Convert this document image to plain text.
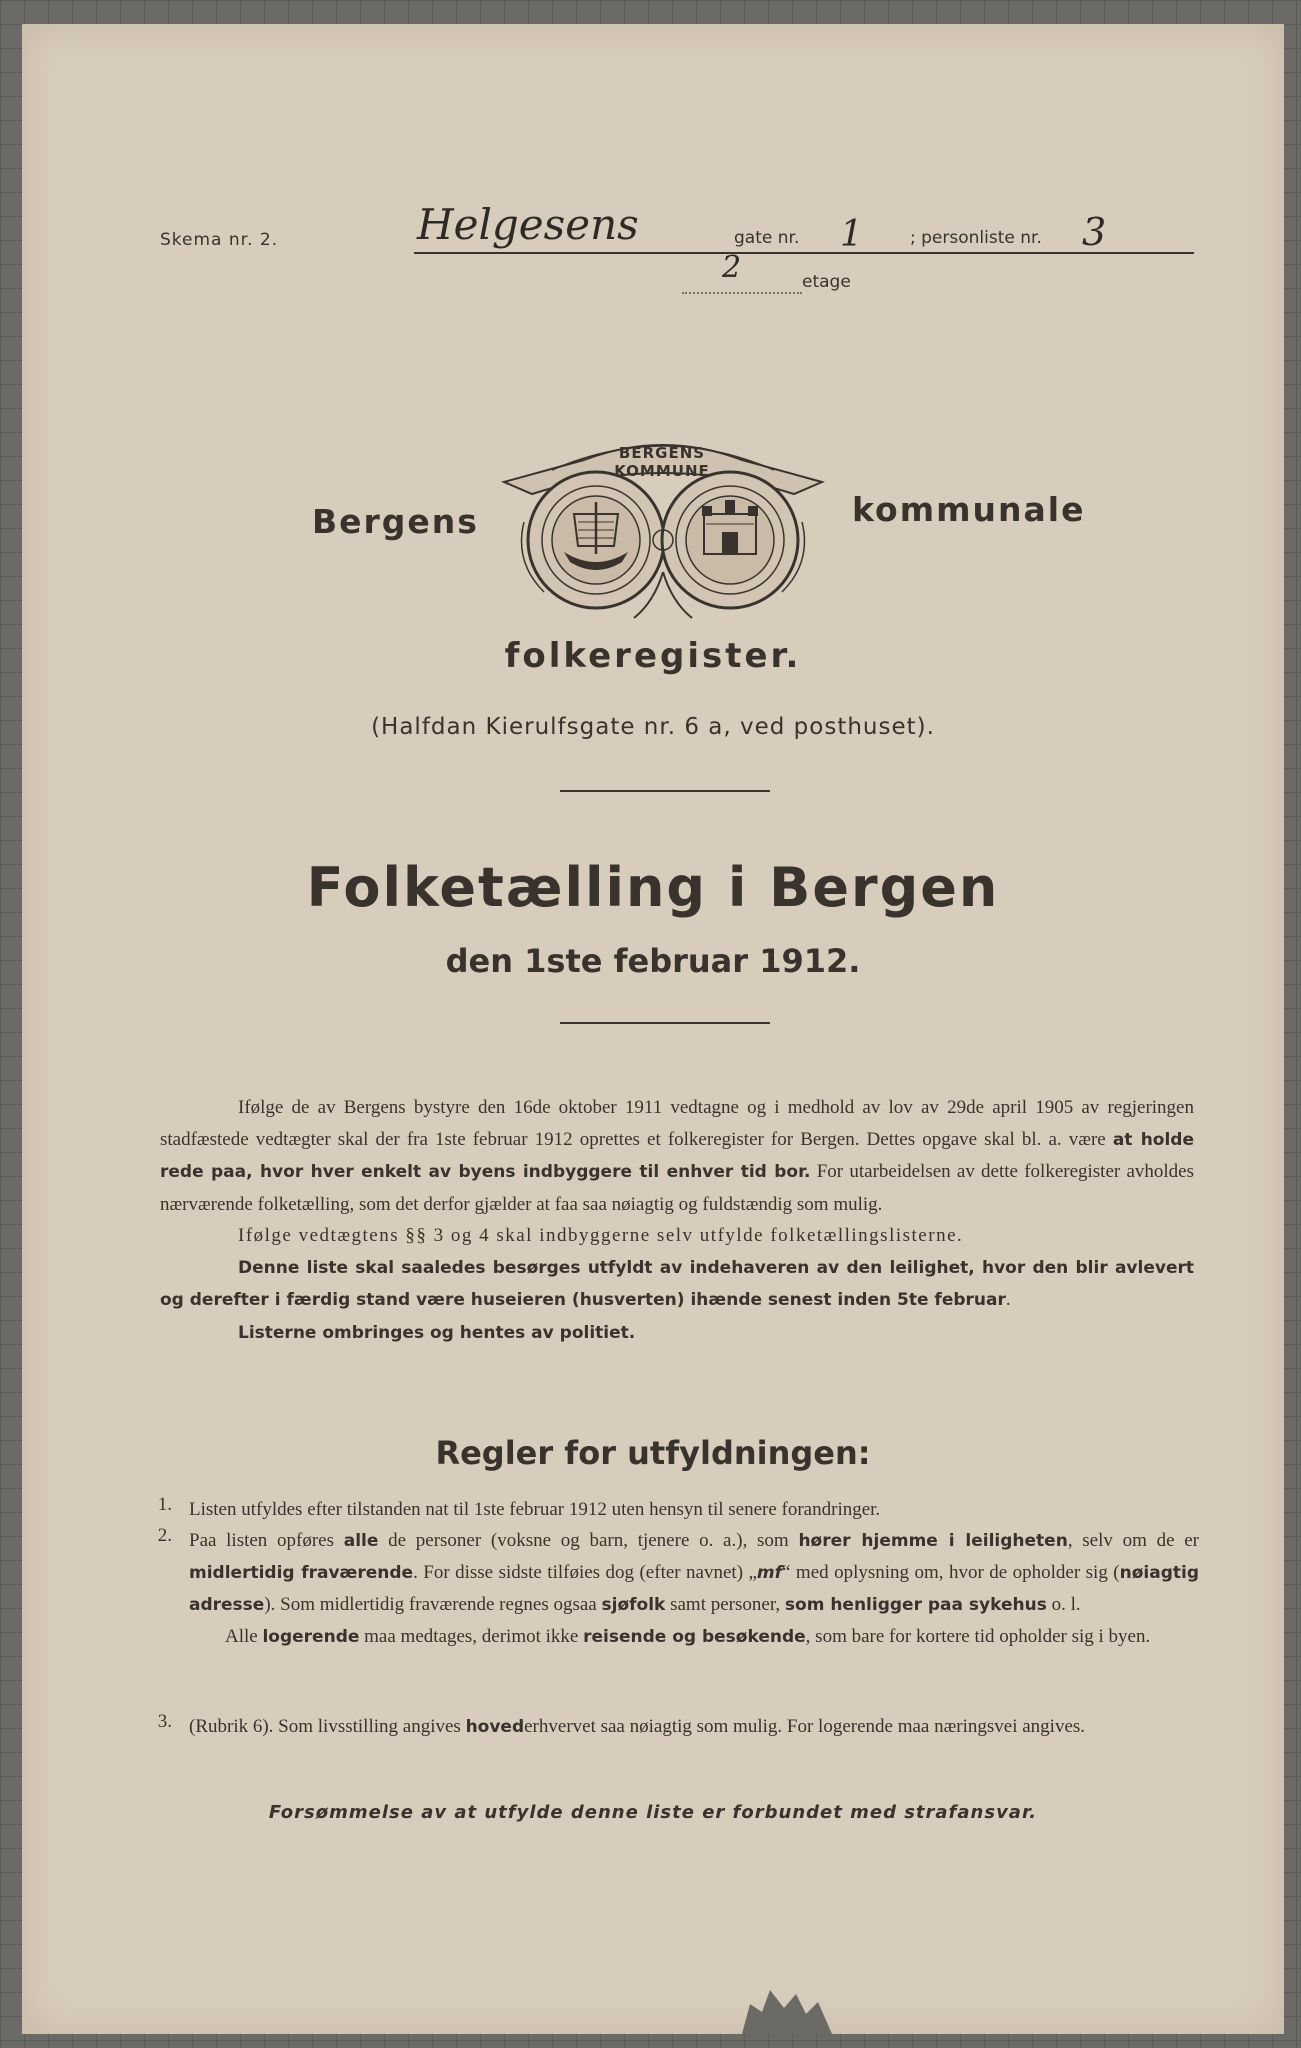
Skema nr. 2.	Helgesens	gate nr. 1	; personliste nr. 3
2	etage
Bergens	kommunale
BERGENS KOMMUNE
folkeregister.
(Halfdan Kierulfsgate nr. 6 a, ved posthuset).
Folketælling i Bergen
den 1ste februar 1912.

Ifølge de av Bergens bystyre den 16de oktober 1911 vedtagne og i medhold av lov av 29de april 1905 av regjeringen stadfæstede vedtægter skal der fra 1ste februar 1912 oprettes et folkeregister for Bergen. Dettes opgave skal bl. a. være at holde rede paa, hvor hver enkelt av byens indbyggere til enhver tid bor. For utarbeidelsen av dette folkeregister avholdes nærværende folketælling, som det derfor gjælder at faa saa nøiagtig og fuldstændig som mulig.

Ifølge vedtægtens §§ 3 og 4 skal indbyggerne selv utfylde folketællingslisterne.

Denne liste skal saaledes besørges utfyldt av indehaveren av den leilighet, hvor den blir avlevert og derefter i færdig stand være huseieren (husverten) ihænde senest inden 5te februar.

Listerne ombringes og hentes av politiet.

Regler for utfyldningen:
1. Listen utfyldes efter tilstanden nat til 1ste februar 1912 uten hensyn til senere forandringer.
2. Paa listen opføres alle de personer (voksne og barn, tjenere o. a.), som hører hjemme i leiligheten, selv om de er midlertidig fraværende. For disse sidste tilføies dog (efter navnet) „mf“ med oplysning om, hvor de opholder sig (nøiagtig adresse). Som midlertidig fraværende regnes ogsaa sjøfolk samt personer, som henligger paa sykehus o. l.
Alle logerende maa medtages, derimot ikke reisende og besøkende, som bare for kortere tid opholder sig i byen.
3. (Rubrik 6). Som livsstilling angives hovederhvervet saa nøiagtig som mulig. For logerende maa næringsvei angives.
Forsømmelse av at utfylde denne liste er forbundet med strafansvar.
